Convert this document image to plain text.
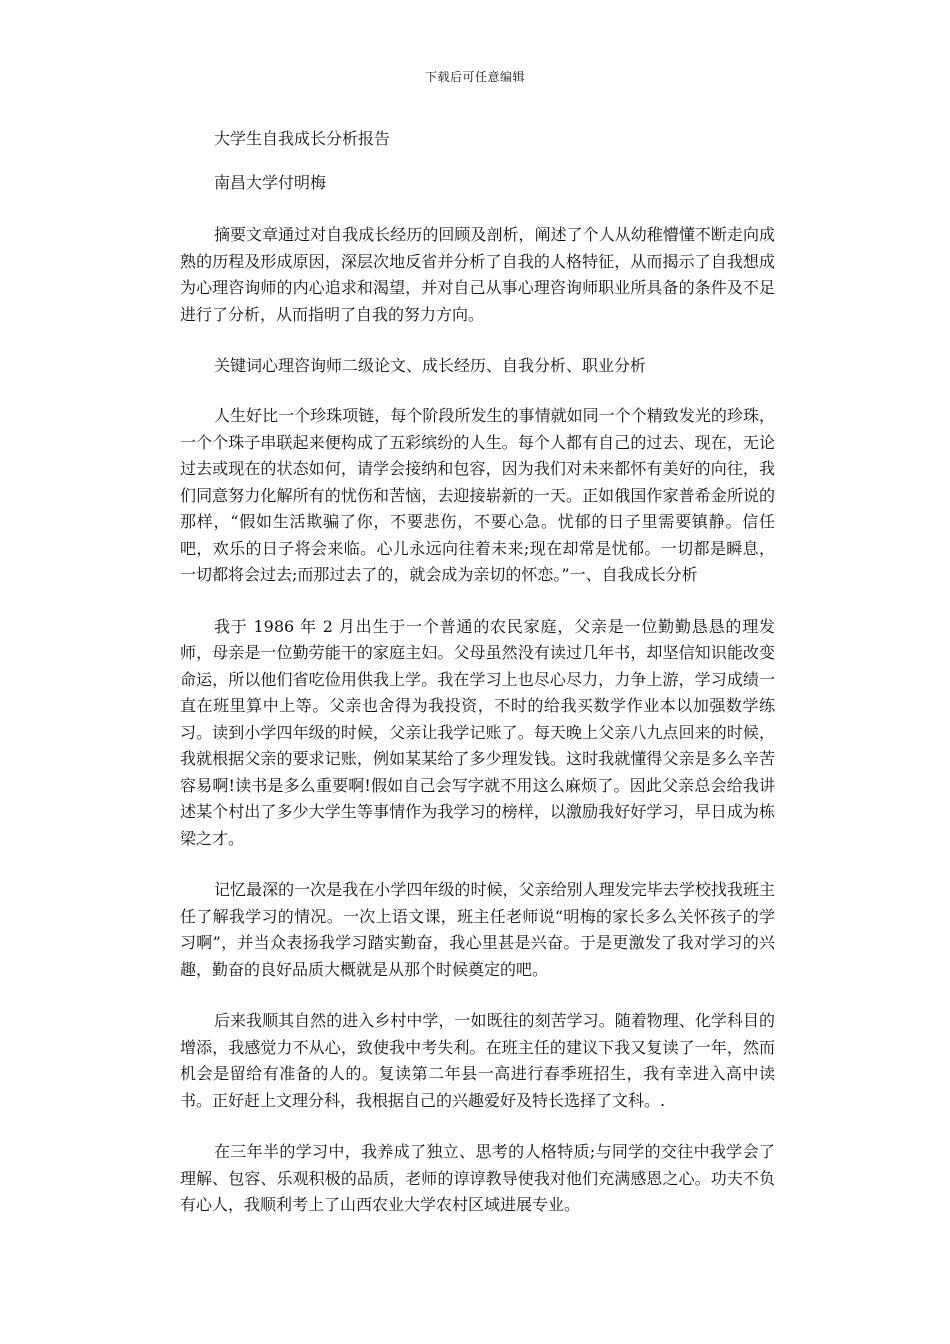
下载后可任意编辑

大学生自我成长分析报告

南昌大学付明梅

摘要文章通过对自我成长经历的回顾及剖析，阐述了个人从幼稚懵懂不断走向成熟的历程及形成原因，深层次地反省并分析了自我的人格特征，从而揭示了自我想成为心理咨询师的内心追求和渴望，并对自己从事心理咨询师职业所具备的条件及不足进行了分析，从而指明了自我的努力方向。

关键词心理咨询师二级论文、成长经历、自我分析、职业分析

人生好比一个珍珠项链，每个阶段所发生的事情就如同一个个精致发光的珍珠，一个个珠子串联起来便构成了五彩缤纷的人生。每个人都有自己的过去、现在，无论过去或现在的状态如何，请学会接纳和包容，因为我们对未来都怀有美好的向往，我们同意努力化解所有的忧伤和苦恼，去迎接崭新的一天。正如俄国作家普希金所说的那样，“假如生活欺骗了你，不要悲伤，不要心急。忧郁的日子里需要镇静。信任吧，欢乐的日子将会来临。心儿永远向往着未来;现在却常是忧郁。一切都是瞬息，一切都将会过去;而那过去了的，就会成为亲切的怀恋。”一、自我成长分析

我于 1986 年 2 月出生于一个普通的农民家庭，父亲是一位勤勤恳恳的理发师，母亲是一位勤劳能干的家庭主妇。父母虽然没有读过几年书，却坚信知识能改变命运，所以他们省吃俭用供我上学。我在学习上也尽心尽力，力争上游，学习成绩一直在班里算中上等。父亲也舍得为我投资，不时的给我买数学作业本以加强数学练习。读到小学四年级的时候，父亲让我学记账了。每天晚上父亲八九点回来的时候，我就根据父亲的要求记账，例如某某给了多少理发钱。这时我就懂得父亲是多么辛苦容易啊!读书是多么重要啊!假如自己会写字就不用这么麻烦了。因此父亲总会给我讲述某个村出了多少大学生等事情作为我学习的榜样，以激励我好好学习，早日成为栋梁之才。

记忆最深的一次是我在小学四年级的时候，父亲给别人理发完毕去学校找我班主任了解我学习的情况。一次上语文课，班主任老师说“明梅的家长多么关怀孩子的学习啊”，并当众表扬我学习踏实勤奋，我心里甚是兴奋。于是更激发了我对学习的兴趣，勤奋的良好品质大概就是从那个时候奠定的吧。

后来我顺其自然的进入乡村中学，一如既往的刻苦学习。随着物理、化学科目的增添，我感觉力不从心，致使我中考失利。在班主任的建议下我又复读了一年，然而机会是留给有准备的人的。复读第二年县一高进行春季班招生，我有幸进入高中读书。正好赶上文理分科，我根据自己的兴趣爱好及特长选择了文科。.

在三年半的学习中，我养成了独立、思考的人格特质;与同学的交往中我学会了理解、包容、乐观积极的品质，老师的谆谆教导使我对他们充满感恩之心。功夫不负有心人，我顺利考上了山西农业大学农村区域进展专业。
